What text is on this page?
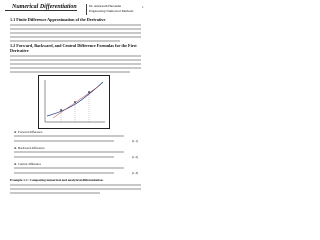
Numerical Differentiation	Dr. Amarnath Harsakhe
Engineering Numerical Methods
1
1.1 Finite Difference Approximation of the Derivative
1.2 Forward, Backward, and Central Difference Formulas for the First Derivative
► Forward difference
(1.1)
► Backward difference
(1.2)
► Central difference
(1.3)
Example 1-1: Comparing numerical and analytical differentiation.
